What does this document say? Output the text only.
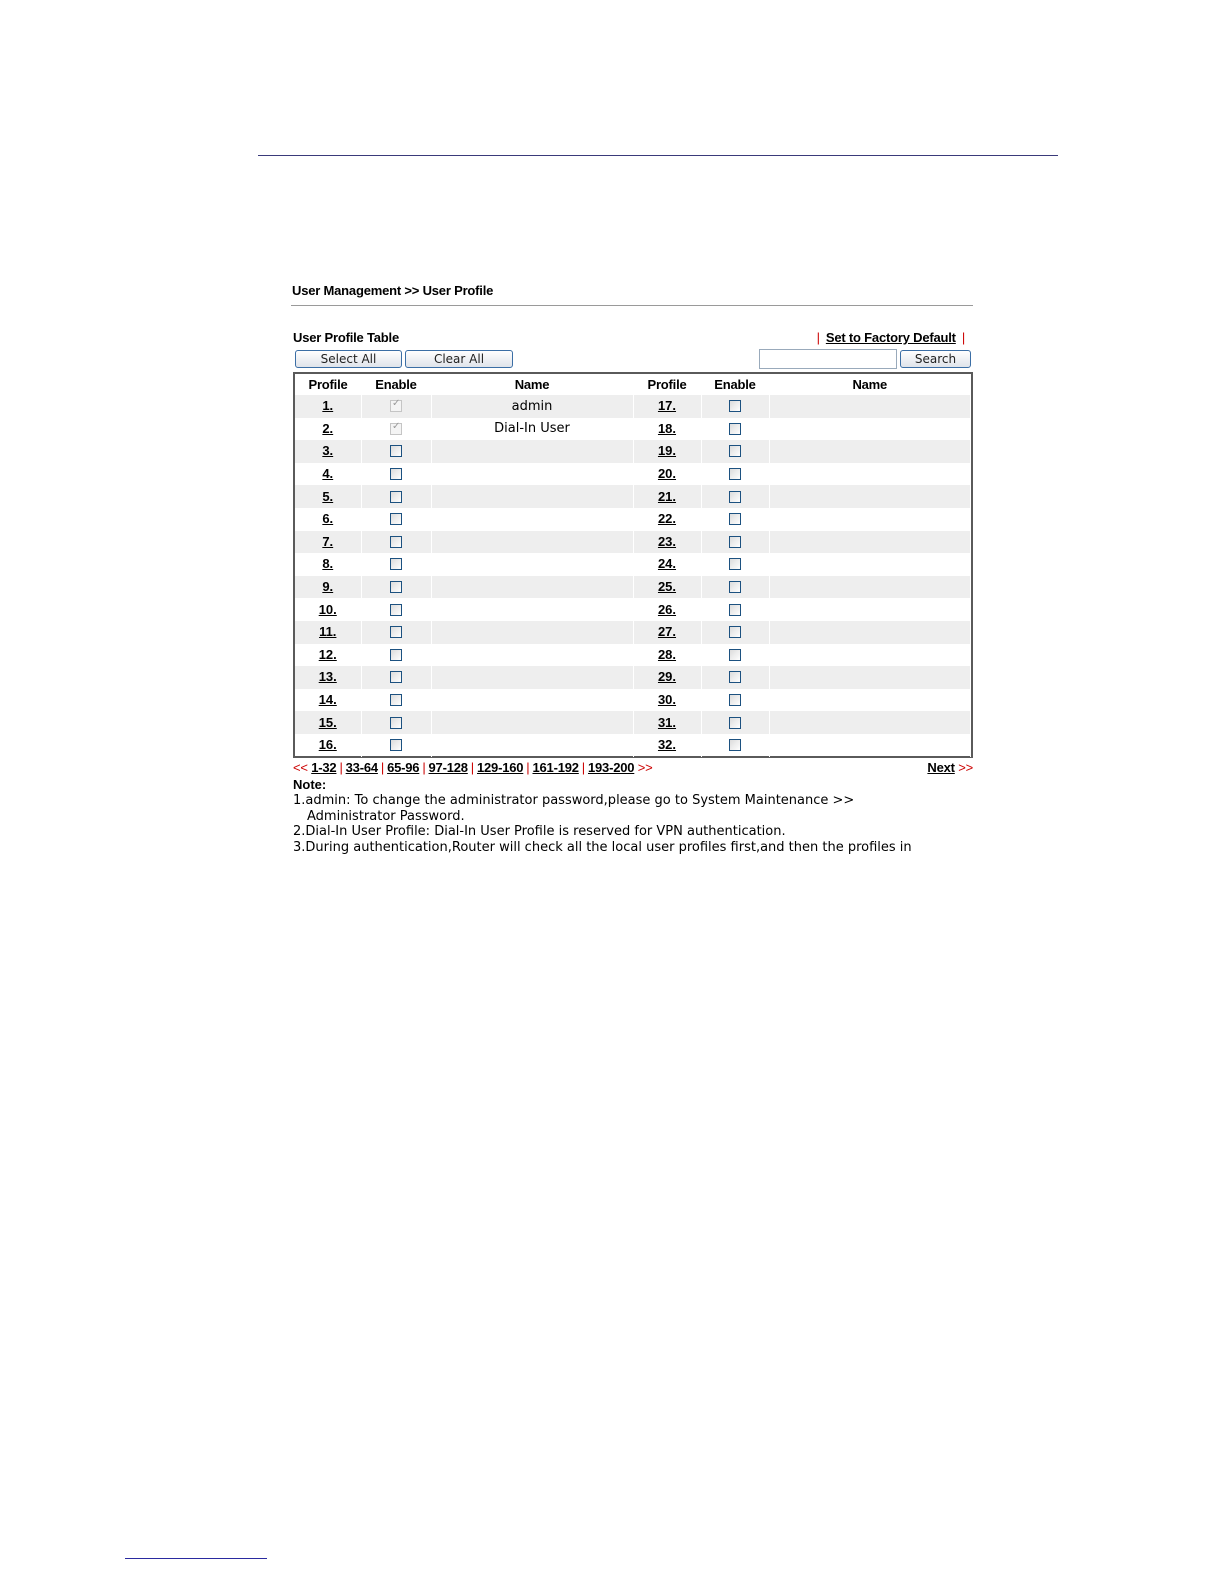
User Management >> User Profile
User Profile Table	| Set to Factory Default |
Select All	Clear All	Search
Profile	Enable	Name	Profile	Enable	Name
1.	✓	admin	17.		
2.	✓	Dial-In User	18.		
3.			19.		
4.			20.		
5.			21.		
6.			22.		
7.			23.		
8.			24.		
9.			25.		
10.			26.		
11.			27.		
12.			28.		
13.			29.		
14.			30.		
15.			31.		
16.			32.		
<< 1-32 | 33-64 | 65-96 | 97-128 | 129-160 | 161-192 | 193-200 >>	Next >>
Note:

1.admin: To change the administrator password,please go to System Maintenance >>

Administrator Password.

2.Dial-In User Profile: Dial-In User Profile is reserved for VPN authentication.

3.During authentication,Router will check all the local user profiles first,and then the profiles in
